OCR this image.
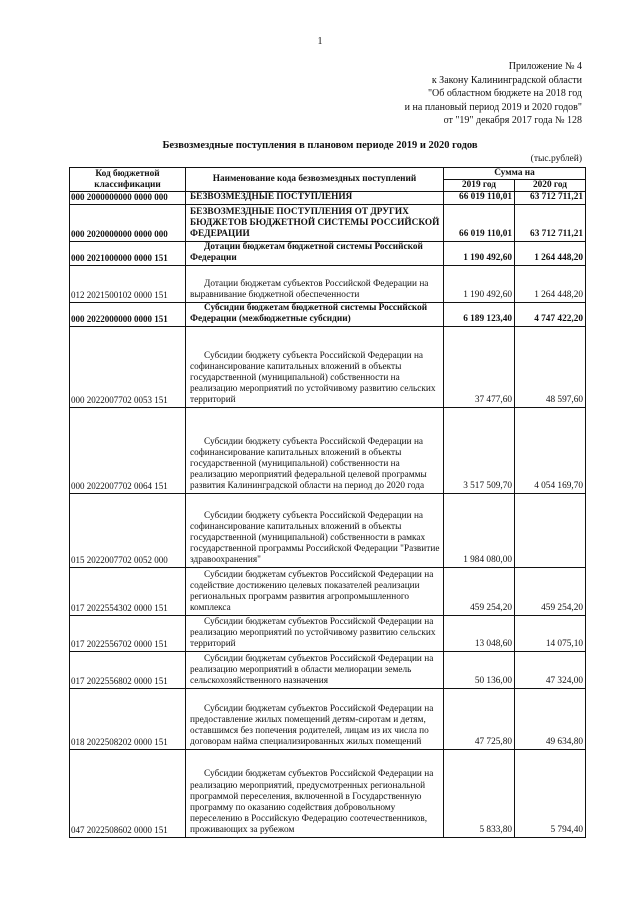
1
Приложение № 4
к Закону Калининградской области
"Об областном бюджете на 2018 год
и на плановый период 2019 и 2020 годов"
от "19" декабря 2017 года № 128
Безвозмездные поступления в плановом периоде 2019 и 2020 годов
(тыс.рублей)
Код бюджетной классификации	Наименование кода безвозмездных поступлений	Сумма на	
		2019 год	2020 год
000 2000000000 0000 000	БЕЗВОЗМЕЗДНЫЕ ПОСТУПЛЕНИЯ	66 019 110,01	63 712 711,21
000 2020000000 0000 000	БЕЗВОЗМЕЗДНЫЕ ПОСТУПЛЕНИЯ ОТ ДРУГИХ БЮДЖЕТОВ БЮДЖЕТНОЙ СИСТЕМЫ РОССИЙСКОЙ ФЕДЕРАЦИИ	66 019 110,01	63 712 711,21
000 2021000000 0000 151	Дотации бюджетам бюджетной системы Российской Федерации	1 190 492,60	1 264 448,20
012 2021500102 0000 151	Дотации бюджетам субъектов Российской Федерации на выравнивание бюджетной обеспеченности	1 190 492,60	1 264 448,20
000 2022000000 0000 151	Субсидии бюджетам бюджетной системы Российской Федерации (межбюджетные субсидии)	6 189 123,40	4 747 422,20
000 2022007702 0053 151	Субсидии бюджету субъекта Российской Федерации на софинансирование капитальных вложений в объекты государственной (муниципальной) собственности на реализацию мероприятий по устойчивому развитию сельских территорий	37 477,60	48 597,60
000 2022007702 0064 151	Субсидии бюджету субъекта Российской Федерации на софинансирование капитальных вложений в объекты государственной (муниципальной) собственности на реализацию мероприятий федеральной целевой программы развития Калининградской области на период до 2020 года	3 517 509,70	4 054 169,70
015 2022007702 0052 000	Субсидии бюджету субъекта Российской Федерации на софинансирование капитальных вложений в объекты государственной (муниципальной) собственности в рамках государственной программы Российской Федерации "Развитие здравоохранения"	1 984 080,00	
017 2022554302 0000 151	Субсидии бюджетам субъектов Российской Федерации на содействие достижению целевых показателей реализации региональных программ развития агропромышленного комплекса	459 254,20	459 254,20
017 2022556702 0000 151	Субсидии бюджетам субъектов Российской Федерации на реализацию мероприятий по устойчивому развитию сельских территорий	13 048,60	14 075,10
017 2022556802 0000 151	Субсидии бюджетам субъектов Российской Федерации на реализацию мероприятий в области мелиорации земель сельскохозяйственного назначения	50 136,00	47 324,00
018 2022508202 0000 151	Субсидии бюджетам субъектов Российской Федерации на предоставление жилых помещений детям-сиротам и детям, оставшимся без попечения родителей, лицам из их числа по договорам найма специализированных жилых помещений	47 725,80	49 634,80
047 2022508602 0000 151	Субсидии бюджетам субъектов Российской Федерации на реализацию мероприятий, предусмотренных региональной программой переселения, включенной в Государственную программу по оказанию содействия добровольному переселению в Российскую Федерацию соотечественников, проживающих за рубежом	5 833,80	5 794,40
